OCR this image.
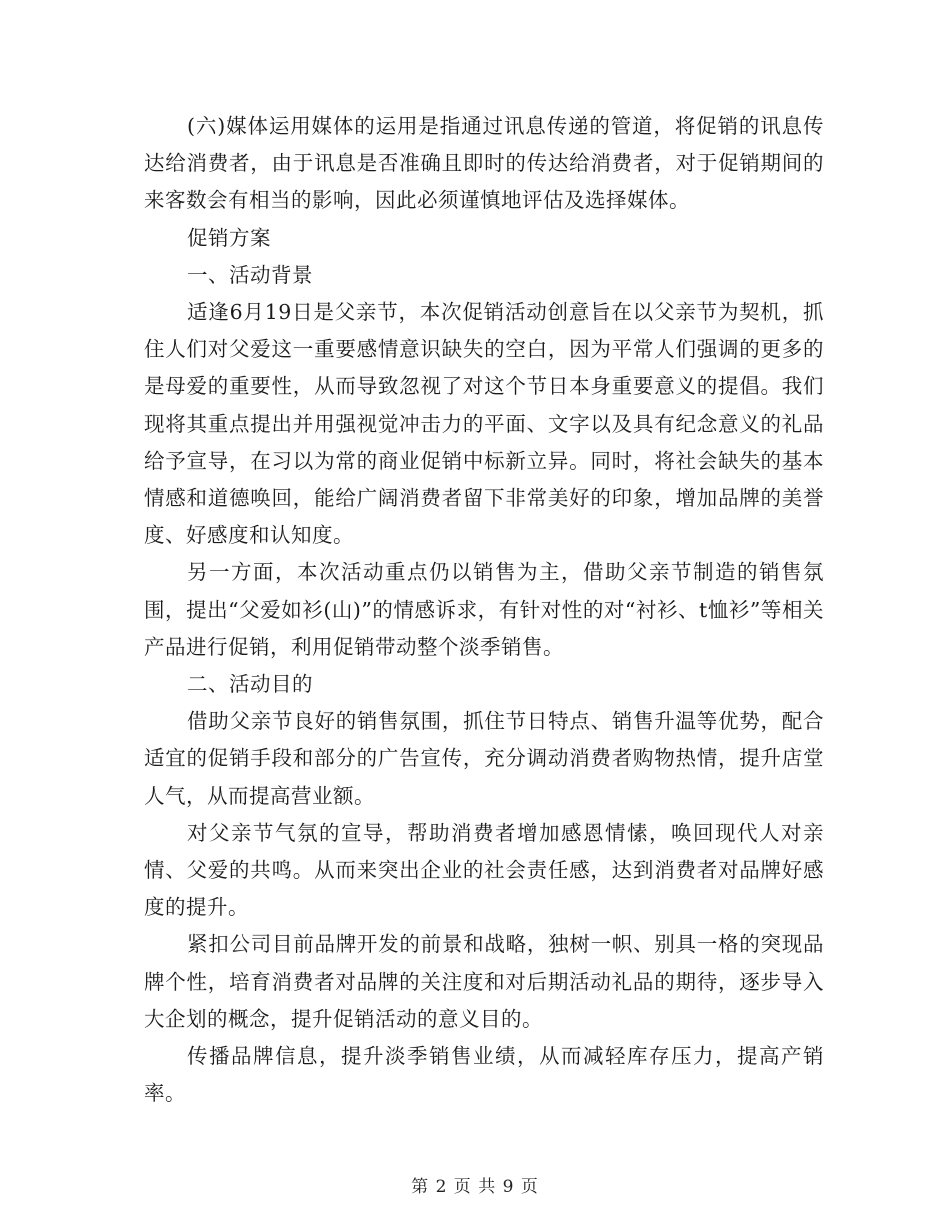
(六)媒体运用媒体的运用是指通过讯息传递的管道，将促销的讯息传达给消费者，由于讯息是否准确且即时的传达给消费者，对于促销期间的来客数会有相当的影响，因此必须谨慎地评估及选择媒体。

促销方案

一、活动背景

适逢6月19日是父亲节，本次促销活动创意旨在以父亲节为契机，抓住人们对父爱这一重要感情意识缺失的空白，因为平常人们强调的更多的是母爱的重要性，从而导致忽视了对这个节日本身重要意义的提倡。我们现将其重点提出并用强视觉冲击力的平面、文字以及具有纪念意义的礼品给予宣导，在习以为常的商业促销中标新立异。同时，将社会缺失的基本情感和道德唤回，能给广阔消费者留下非常美好的印象，增加品牌的美誉度、好感度和认知度。

另一方面，本次活动重点仍以销售为主，借助父亲节制造的销售氛围，提出“父爱如衫(山)”的情感诉求，有针对性的对“衬衫、t恤衫”等相关产品进行促销，利用促销带动整个淡季销售。

二、活动目的

借助父亲节良好的销售氛围，抓住节日特点、销售升温等优势，配合适宜的促销手段和部分的广告宣传，充分调动消费者购物热情，提升店堂人气，从而提高营业额。

对父亲节气氛的宣导，帮助消费者增加感恩情愫，唤回现代人对亲情、父爱的共鸣。从而来突出企业的社会责任感，达到消费者对品牌好感度的提升。

紧扣公司目前品牌开发的前景和战略，独树一帜、别具一格的突现品牌个性，培育消费者对品牌的关注度和对后期活动礼品的期待，逐步导入大企划的概念，提升促销活动的意义目的。

传播品牌信息，提升淡季销售业绩，从而减轻库存压力，提高产销率。

第 2 页 共 9 页
